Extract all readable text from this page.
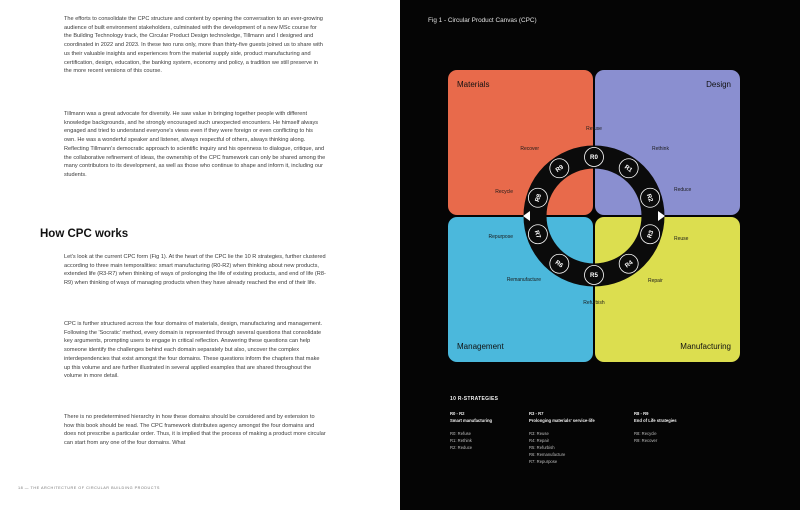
The efforts to consolidate the CPC structure and content by opening the conversation to an ever-growing audience of built environment stakeholders, culminated with the development of a new MSc course for the Building Technology track, the Circular Product Design technoledge, Tillmann and I designed and coordinated in 2022 and 2023. In these two runs only, more than thirty-five guests joined us to share with us their valuable insights and experiences from the material supply side, product manufacturing and certification, design, education, the banking system, economy and policy, a tradition we still preserve in the more recent versions of this course.

Tillmann was a great advocate for diversity. He saw value in bringing together people with different knowledge backgrounds, and he strongly encouraged such unexpected encounters. He himself always engaged and tried to understand everyone's views even if they were foreign or even conflicting to his own. He was a wonderful speaker and listener, always respectful of others, always thinking along. Reflecting Tillmann's democratic approach to scientific inquiry and his openness to dialogue, critique, and the collaborative refinement of ideas, the ownership of the CPC framework can only be shared among the many contributors to its development, as well as those who continue to shape and inform it, including our students.

How CPC works

Let's look at the current CPC form (Fig 1). At the heart of the CPC lie the 10 R strategies, further clustered according to three main temporalities: smart manufacturing (R0-R2) when thinking about new products, extended life (R3-R7) when thinking of ways of prolonging the life of existing products, and end of life (R8-R9) when thinking of ways of managing products when they have already reached the end of their life.

CPC is further structured across the four domains of materials, design, manufacturing and management. Following the 'Socratic' method, every domain is represented through several questions that consolidate key arguments, prompting users to engage in critical reflection. Answering these questions can help someone identify the challenges behind each domain separately but also, uncover the complex interdependencies that exist amongst the four domains. These questions inform the chapters that make up this volume and are further illustrated in several applied examples that are shared throughout the volume in more detail.

There is no predetermined hierarchy in how these domains should be considered and by extension to how this book should be read. The CPC framework distributes agency amongst the four domains and does not prescribe a particular order. Thus, it is implied that the process of making a product more circular can start from any one of the four domains. What

18 — THE ARCHITECTURE OF CIRCULAR BUILDING PRODUCTS
Fig 1 - Circular Product Canvas (CPC)
Materials	Design
Management	Manufacturing
R0
R1
R2
R3
R4
R5
R6
R7
R8
R9
Refuse
Rethink
Reduce
Reuse
Repair
Refurbish
Remanufacture
Repurpose
Recycle
Recover
10 R-STRATEGIES
R0 - R2
Smart manufacturing
R0: Refuse
R1: Rethink
R2: Reduce
R3 - R7
Prolonging materials' service-life
R3: Reuse
R4: Repair
R5: Refurbish
R6: Remanufacture
R7: Repurpose
R8 - R9
End of Life strategies
R8: Recycle
R9: Recover
